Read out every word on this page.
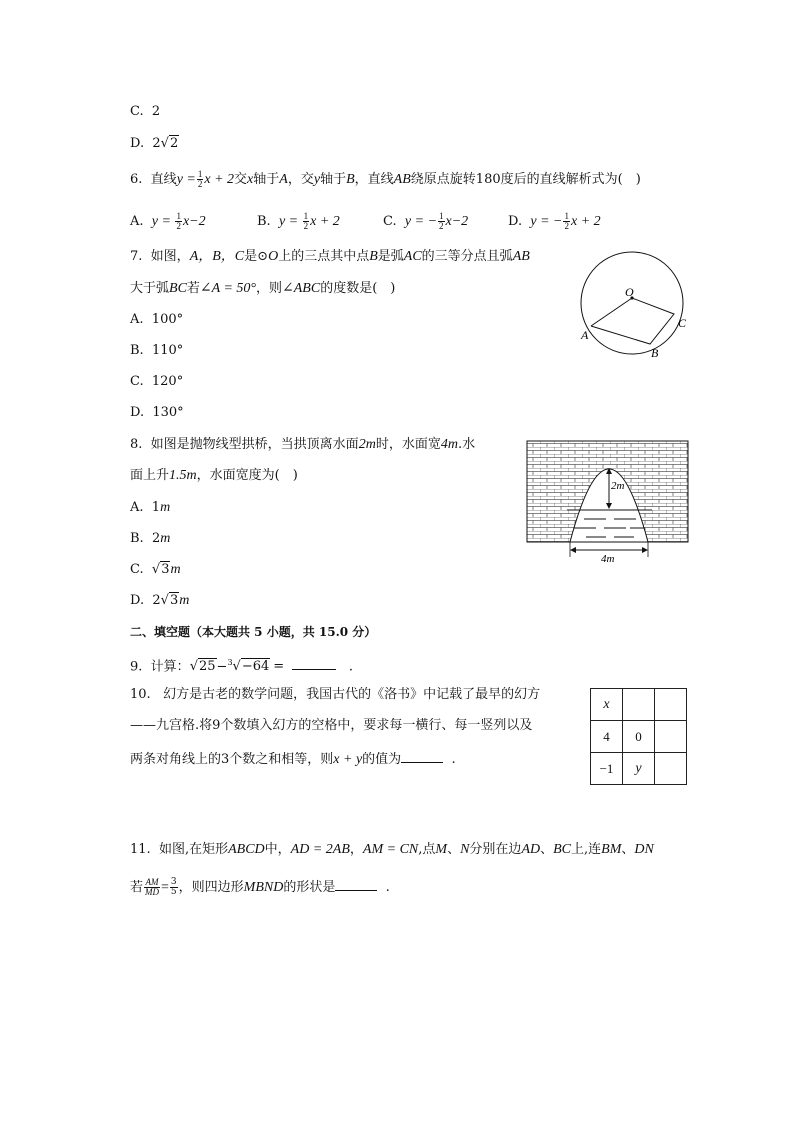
C. 2
D. 2√2
6. 直线$y = \frac{1}{2}$ x + 2交x轴于A，交y轴于B，直线AB绕原点旋转180度后的直线解析式为(　)
A. $y = \frac{1}{2} x-2$	B. $y = \frac{1}{2}$ x + 2	C. y = − $\frac{1}{2} x-2$	D. y = − $\frac{1}{2}$ x + 2
7. 如图，A，B，C是⊙O上的三点其中点B是弧AC的三等分点且弧AB
大于弧BC若∠A = 50°，则∠ABC的度数是(　)
A. 100°
B. 110°
C. 120°
D. 130°
O
A
B
C
8. 如图是抛物线型拱桥，当拱顶离水面2m时，水面宽4m.水
面上升1.5m，水面宽度为(　)
A. 1m
B. 2m
C. √3m
D. 2√3m
2m
4m
二、填空题（本大题共 5 小题，共 15.0 分）
9. 计算：√25−$^3$√−64 =	.
10. 幻方是古老的数学问题，我国古代的《洛书》中记载了最早的幻方
——九宫格.将9个数填入幻方的空格中，要求每一横行、每一竖列以及
两条对角线上的3个数之和相等，则x + y的值为	.
x		
4	0	
−1	y	
11. 如图,在矩形ABCD中，AD = 2AB，AM = CN,点M、N分别在边AD、BC上,连BM、DN
若 $\frac{AM}{MD} = \frac{3}{5}$ ，则四边形MBND的形状是	.
